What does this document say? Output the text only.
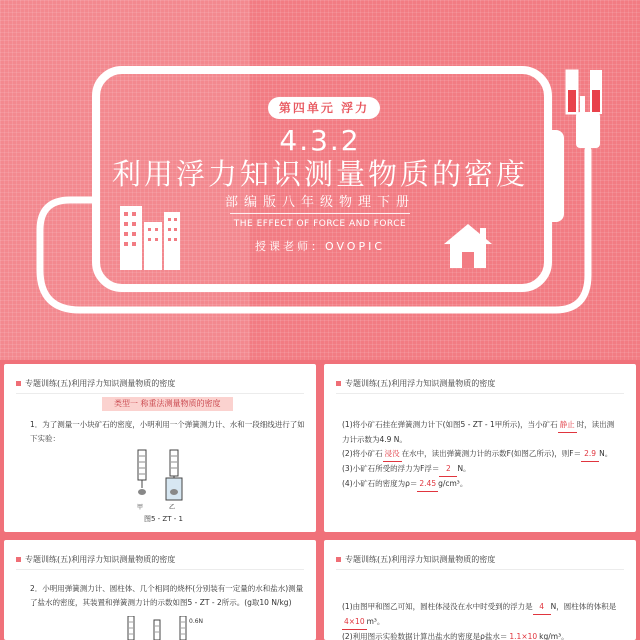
第四单元 浮力
4.3.2
利用浮力知识测量物质的密度
部编版八年级物理下册
THE EFFECT OF FORCE AND FORCE
授课老师：OVOPIC
专题训练(五)利用浮力知识测量物质的密度
类型一 称重法测量物质的密度
1．为了测量一小块矿石的密度，小明利用一个弹簧测力计、水和一段细线进行了如
下实验：
甲	乙
图5 - ZT - 1
专题训练(五)利用浮力知识测量物质的密度
(1)将小矿石挂在弹簧测力计下(如图5 - ZT - 1甲所示)，当小矿石 静止 时，读出测
力计示数为4.9 N。
(2)将小矿石 浸没 在水中，读出弹簧测力计的示数F(如图乙所示)，则F＝ 2.9 N。
(3)小矿石所受的浮力为F浮＝ 2 N。
(4)小矿石的密度为ρ＝ 2.45 g/cm³。
专题训练(五)利用浮力知识测量物质的密度
2．小明用弹簧测力计、圆柱体、几个相同的烧杯(分别装有一定量的水和盐水)测量
了盐水的密度，其装置和弹簧测力计的示数如图5 - ZT - 2所示。(g取10 N/kg)
0.6N
专题训练(五)利用浮力知识测量物质的密度
(1)由图甲和图乙可知，圆柱体浸没在水中时受到的浮力是 4 N，圆柱体的体积是
4×10 m³。
(2)利用图示实验数据计算出盐水的密度是ρ盐水＝ 1.1×10 kg/m³。
